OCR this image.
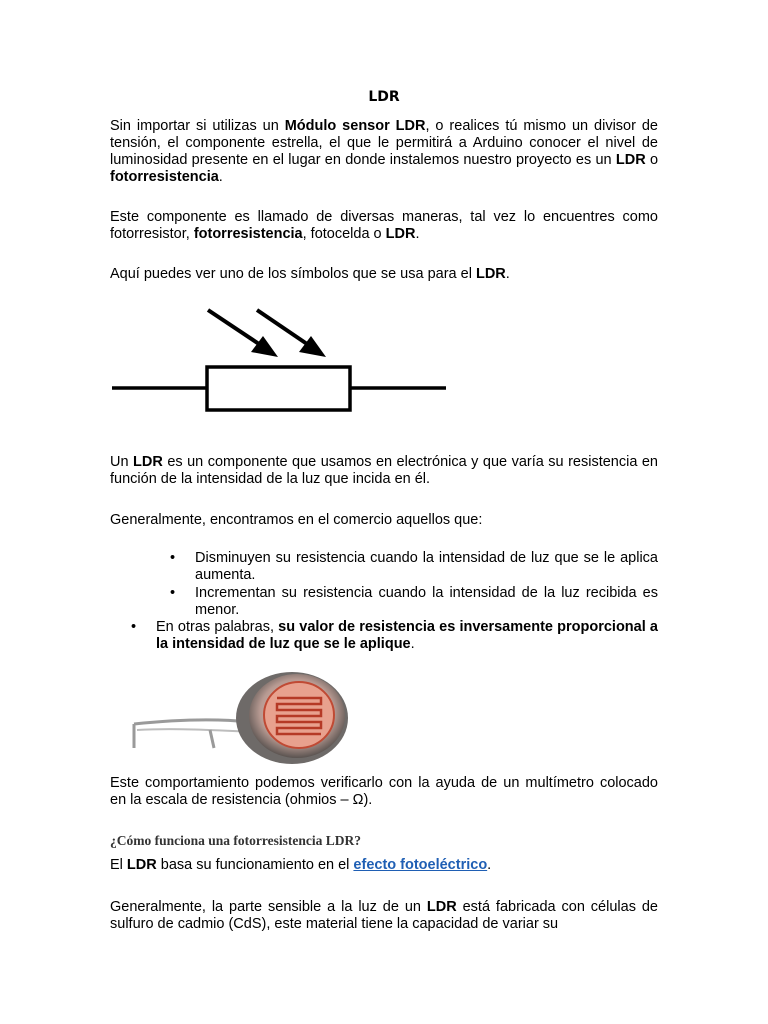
LDR

Sin importar si utilizas un Módulo sensor LDR, o realices tú mismo un divisor de tensión, el componente estrella, el que le permitirá a Arduino conocer el nivel de luminosidad presente en el lugar en donde instalemos nuestro proyecto es un LDR o fotorresistencia.

Este componente es llamado de diversas maneras, tal vez lo encuentres como fotorresistor, fotorresistencia, fotocelda o LDR.

Aquí puedes ver uno de los símbolos que se usa para el LDR.

Un LDR es un componente que usamos en electrónica y que varía su resistencia en función de la intensidad de la luz que incida en él.

Generalmente, encontramos en el comercio aquellos que:

• Disminuyen su resistencia cuando la intensidad de luz que se le aplica aumenta.

• Incrementan su resistencia cuando la intensidad de la luz recibida es menor.

• En otras palabras, su valor de resistencia es inversamente proporcional a la intensidad de luz que se le aplique.

Este comportamiento podemos verificarlo con la ayuda de un multímetro colocado en la escala de resistencia (ohmios – Ω).

¿Cómo funciona una fotorresistencia LDR?

El LDR basa su funcionamiento en el efecto fotoeléctrico.

Generalmente, la parte sensible a la luz de un LDR está fabricada con células de sulfuro de cadmio (CdS), este material tiene la capacidad de variar su
